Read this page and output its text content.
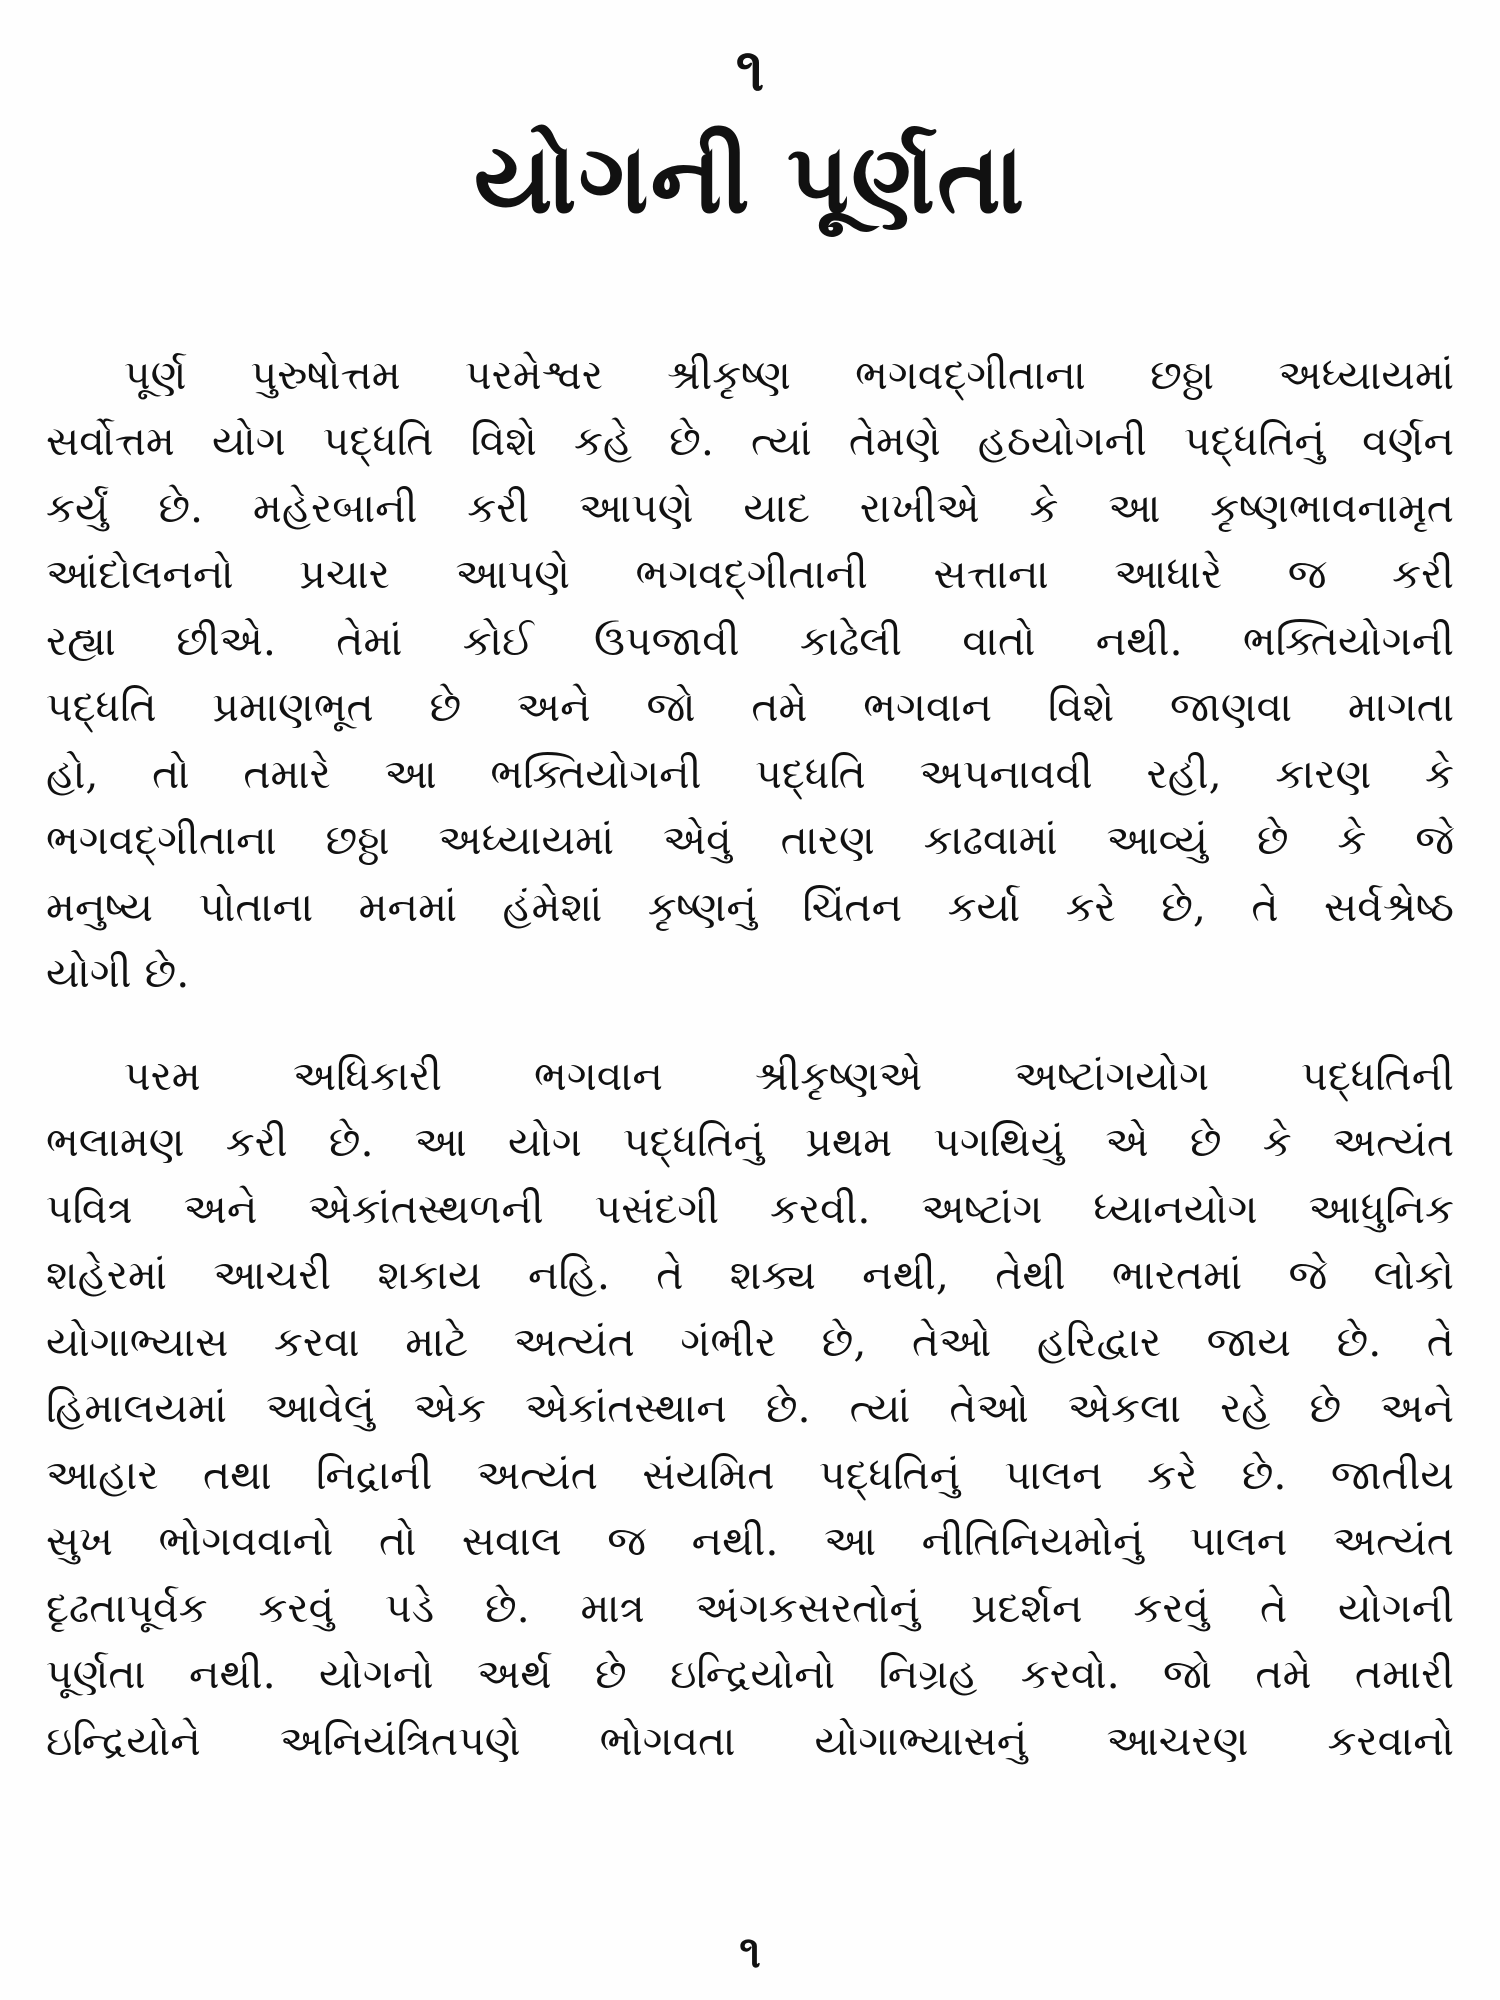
૧
યોગની પૂર્ણતા
પૂર્ણ પુરુષોત્તમ પરમેશ્વર શ્રીકૃષ્ણ ભગવદ્ગીતાના છઠ્ઠા અધ્યાયમાં
સર્વોત્તમ યોગ પદ્ધતિ વિશે કહે છે. ત્યાં તેમણે હઠયોગની પદ્ધતિનું વર્ણન
કર્યું છે. મહેરબાની કરી આપણે યાદ રાખીએ કે આ કૃષ્ણભાવનામૃત
આંદોલનનો પ્રચાર આપણે ભગવદ્ગીતાની સત્તાના આધારે જ કરી
રહ્યા છીએ. તેમાં કોઈ ઉપજાવી કાઢેલી વાતો નથી. ભક્તિયોગની
પદ્ધતિ પ્રમાણભૂત છે અને જો તમે ભગવાન વિશે જાણવા માગતા
હો, તો તમારે આ ભક્તિયોગની પદ્ધતિ અપનાવવી રહી, કારણ કે
ભગવદ્ગીતાના છઠ્ઠા અધ્યાયમાં એવું તારણ કાઢવામાં આવ્યું છે કે જે
મનુષ્ય પોતાના મનમાં હંમેશાં કૃષ્ણનું ચિંતન કર્યા કરે છે, તે સર્વશ્રેષ્ઠ
યોગી છે.
પરમ અધિકારી ભગવાન શ્રીકૃષ્ણએ અષ્ટાંગયોગ પદ્ધતિની
ભલામણ કરી છે. આ યોગ પદ્ધતિનું પ્રથમ પગથિયું એ છે કે અત્યંત
પવિત્ર અને એકાંતસ્થળની પસંદગી કરવી. અષ્ટાંગ ધ્યાનયોગ આધુનિક
શહેરમાં આચરી શકાય નહિ. તે શક્ય નથી, તેથી ભારતમાં જે લોકો
યોગાભ્યાસ કરવા માટે અત્યંત ગંભીર છે, તેઓ હરિદ્વાર જાય છે. તે
હિમાલયમાં આવેલું એક એકાંતસ્થાન છે. ત્યાં તેઓ એકલા રહે છે અને
આહાર તથા નિદ્રાની અત્યંત સંયમિત પદ્ધતિનું પાલન કરે છે. જાતીય
સુખ ભોગવવાનો તો સવાલ જ નથી. આ નીતિનિયમોનું પાલન અત્યંત
દૃઢતાપૂર્વક કરવું પડે છે. માત્ર અંગકસરતોનું પ્રદર્શન કરવું તે યોગની
પૂર્ણતા નથી. યોગનો અર્થ છે ઇન્દ્રિયોનો નિગ્રહ કરવો. જો તમે તમારી
ઇન્દ્રિયોને અનિયંત્રિતપણે ભોગવતા યોગાભ્યાસનું આચરણ કરવાનો
૧
